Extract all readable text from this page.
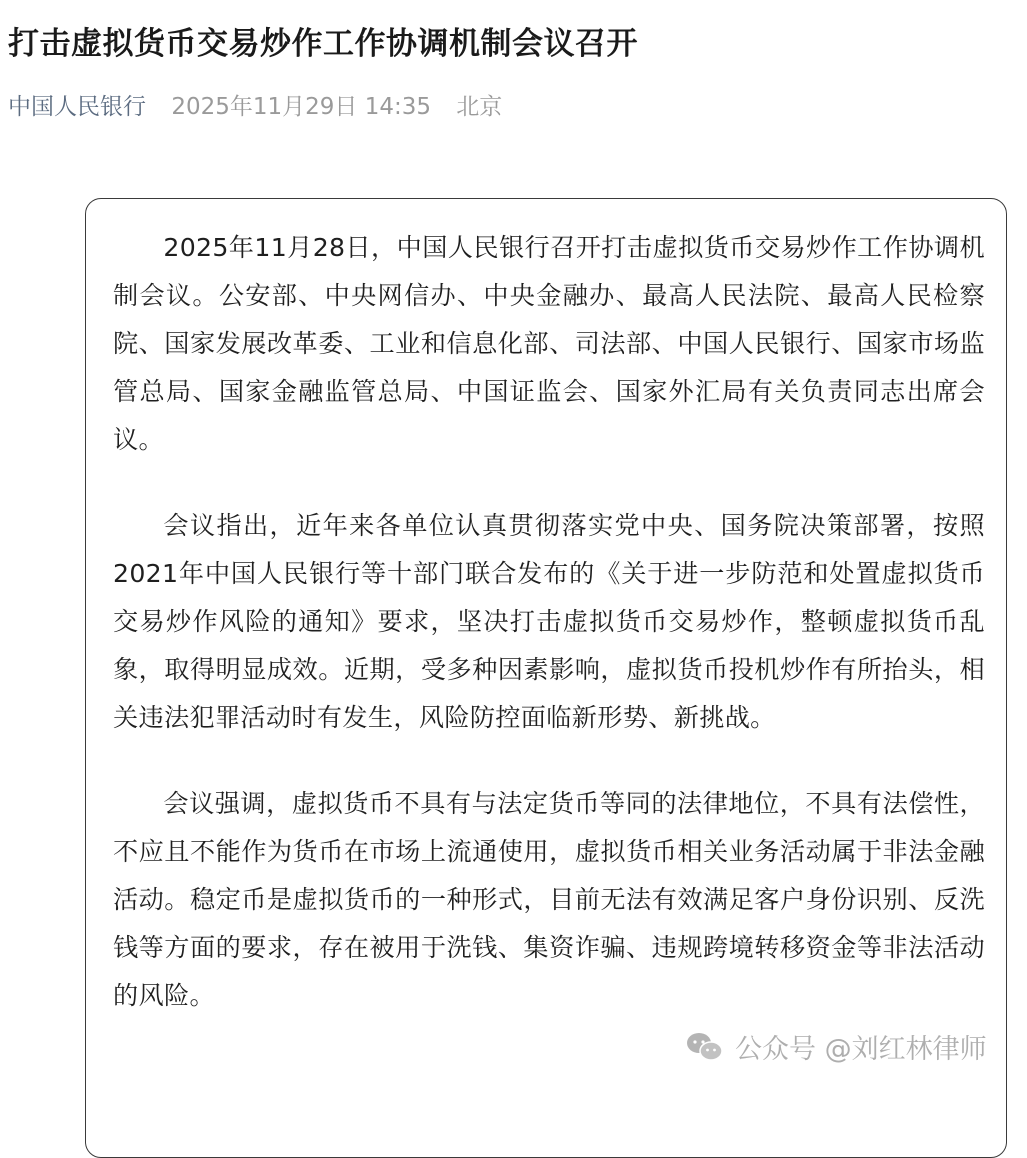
打击虚拟货币交易炒作工作协调机制会议召开
中国人民银行 2025年11月29日 14:35 北京

2025年11月28日，中国人民银行召开打击虚拟货币交易炒作工作协调机制会议。公安部、中央网信办、中央金融办、最高人民法院、最高人民检察院、国家发展改革委、工业和信息化部、司法部、中国人民银行、国家市场监管总局、国家金融监管总局、中国证监会、国家外汇局有关负责同志出席会议。

会议指出，近年来各单位认真贯彻落实党中央、国务院决策部署，按照2021年中国人民银行等十部门联合发布的《关于进一步防范和处置虚拟货币交易炒作风险的通知》要求，坚决打击虚拟货币交易炒作，整顿虚拟货币乱象，取得明显成效。近期，受多种因素影响，虚拟货币投机炒作有所抬头，相关违法犯罪活动时有发生，风险防控面临新形势、新挑战。

会议强调，虚拟货币不具有与法定货币等同的法律地位，不具有法偿性，不应且不能作为货币在市场上流通使用，虚拟货币相关业务活动属于非法金融活动。稳定币是虚拟货币的一种形式，目前无法有效满足客户身份识别、反洗钱等方面的要求，存在被用于洗钱、集资诈骗、违规跨境转移资金等非法活动的风险。

公众号 @刘红林律师
